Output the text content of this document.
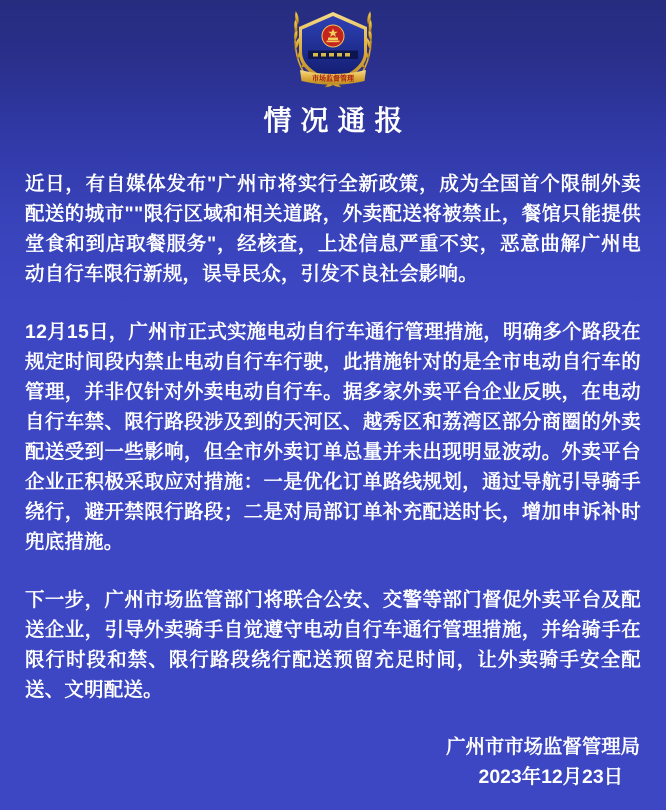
市场监督管理
情况通报

近日，有自媒体发布"广州市将实行全新政策，成为全国首个限制外卖配送的城市""限行区域和相关道路，外卖配送将被禁止，餐馆只能提供堂食和到店取餐服务"，经核查，上述信息严重不实，恶意曲解广州电动自行车限行新规，误导民众，引发不良社会影响。

12月15日，广州市正式实施电动自行车通行管理措施，明确多个路段在规定时间段内禁止电动自行车行驶，此措施针对的是全市电动自行车的管理，并非仅针对外卖电动自行车。据多家外卖平台企业反映，在电动自行车禁、限行路段涉及到的天河区、越秀区和荔湾区部分商圈的外卖配送受到一些影响，但全市外卖订单总量并未出现明显波动。外卖平台企业正积极采取应对措施：一是优化订单路线规划，通过导航引导骑手绕行，避开禁限行路段；二是对局部订单补充配送时长，增加申诉补时兜底措施。

下一步，广州市场监管部门将联合公安、交警等部门督促外卖平台及配送企业，引导外卖骑手自觉遵守电动自行车通行管理措施，并给骑手在限行时段和禁、限行路段绕行配送预留充足时间，让外卖骑手安全配送、文明配送。

广州市市场监督管理局
2023年12月23日
